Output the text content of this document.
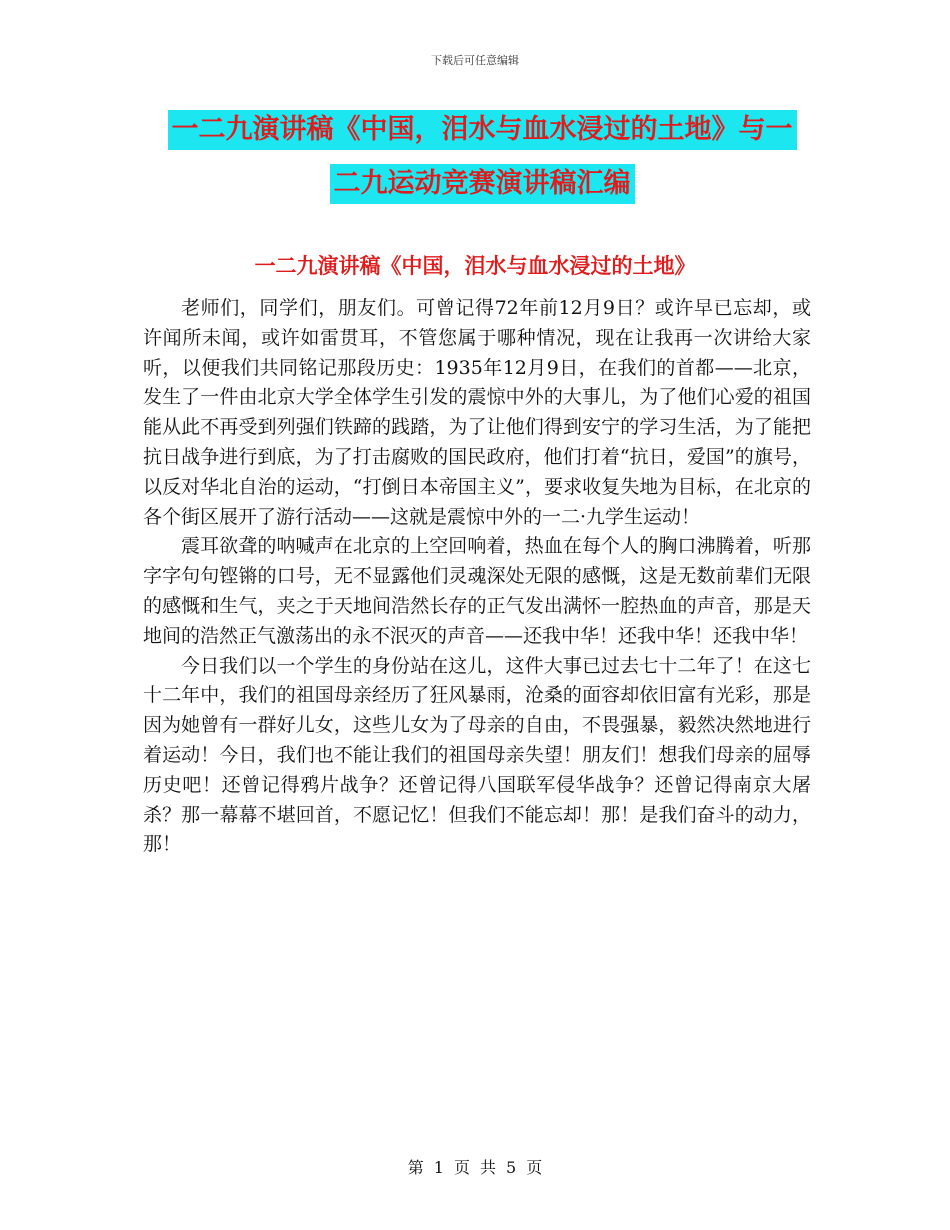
下载后可任意编辑
一二九演讲稿《中国，泪水与血水浸过的土地》与一
二九运动竞赛演讲稿汇编
一二九演讲稿《中国，泪水与血水浸过的土地》

老师们，同学们，朋友们。可曾记得72年前12月9日？或许早已忘却，或许闻所未闻，或许如雷贯耳，不管您属于哪种情况，现在让我再一次讲给大家听，以便我们共同铭记那段历史：1935年12月9日，在我们的首都——北京，发生了一件由北京大学全体学生引发的震惊中外的大事儿，为了他们心爱的祖国能从此不再受到列强们铁蹄的践踏，为了让他们得到安宁的学习生活，为了能把抗日战争进行到底，为了打击腐败的国民政府，他们打着“抗日，爱国”的旗号，以反对华北自治的运动，“打倒日本帝国主义”，要求收复失地为目标，在北京的各个街区展开了游行活动——这就是震惊中外的一二·九学生运动！

震耳欲聋的呐喊声在北京的上空回响着，热血在每个人的胸口沸腾着，听那字字句句铿锵的口号，无不显露他们灵魂深处无限的感慨，这是无数前辈们无限的感慨和生气，夹之于天地间浩然长存的正气发出满怀一腔热血的声音，那是天地间的浩然正气激荡出的永不泯灭的声音——还我中华！还我中华！还我中华！

今日我们以一个学生的身份站在这儿，这件大事已过去七十二年了！在这七十二年中，我们的祖国母亲经历了狂风暴雨，沧桑的面容却依旧富有光彩，那是因为她曾有一群好儿女，这些儿女为了母亲的自由，不畏强暴，毅然决然地进行着运动！今日，我们也不能让我们的祖国母亲失望！朋友们！想我们母亲的屈辱历史吧！还曾记得鸦片战争？还曾记得八国联军侵华战争？还曾记得南京大屠杀？那一幕幕不堪回首，不愿记忆！但我们不能忘却！那！是我们奋斗的动力，那！

第 1 页 共 5 页
